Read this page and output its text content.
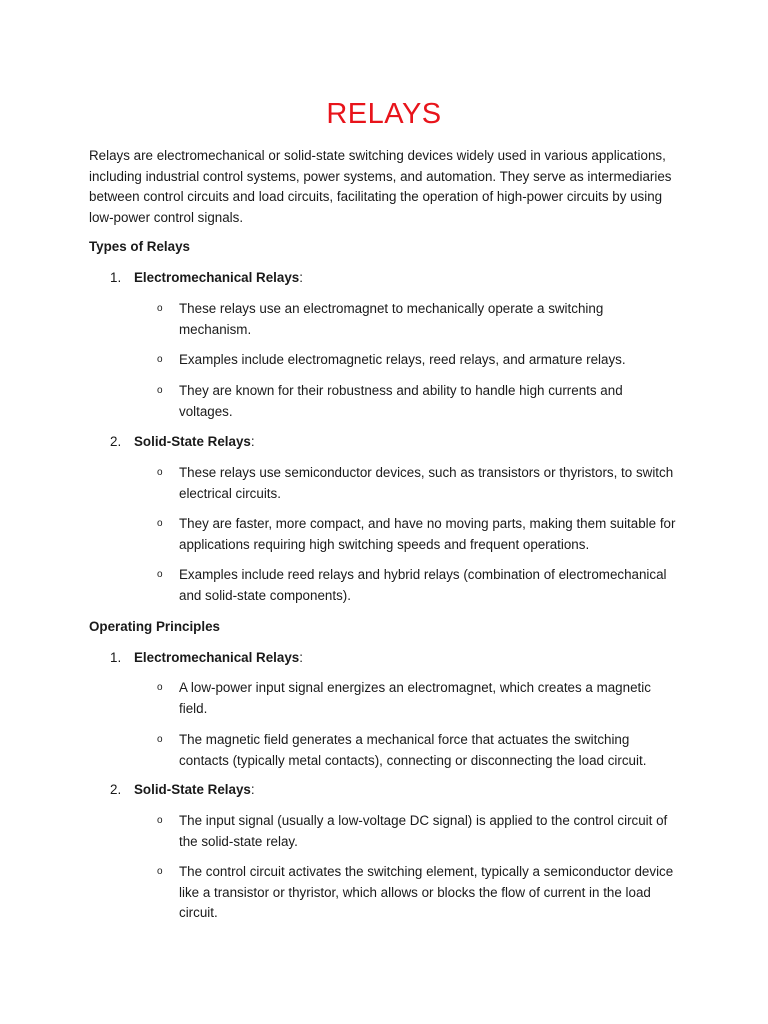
RELAYS
Relays are electromechanical or solid-state switching devices widely used in various applications, including industrial control systems, power systems, and automation. They serve as intermediaries between control circuits and load circuits, facilitating the operation of high-power circuits by using low-power control signals.
Types of Relays
1. Electromechanical Relays:
o These relays use an electromagnet to mechanically operate a switching mechanism.
o Examples include electromagnetic relays, reed relays, and armature relays.
o They are known for their robustness and ability to handle high currents and voltages.
2. Solid-State Relays:
o These relays use semiconductor devices, such as transistors or thyristors, to switch electrical circuits.
o They are faster, more compact, and have no moving parts, making them suitable for applications requiring high switching speeds and frequent operations.
o Examples include reed relays and hybrid relays (combination of electromechanical and solid-state components).
Operating Principles
1. Electromechanical Relays:
o A low-power input signal energizes an electromagnet, which creates a magnetic field.
o The magnetic field generates a mechanical force that actuates the switching contacts (typically metal contacts), connecting or disconnecting the load circuit.
2. Solid-State Relays:
o The input signal (usually a low-voltage DC signal) is applied to the control circuit of the solid-state relay.
o The control circuit activates the switching element, typically a semiconductor device like a transistor or thyristor, which allows or blocks the flow of current in the load circuit.
